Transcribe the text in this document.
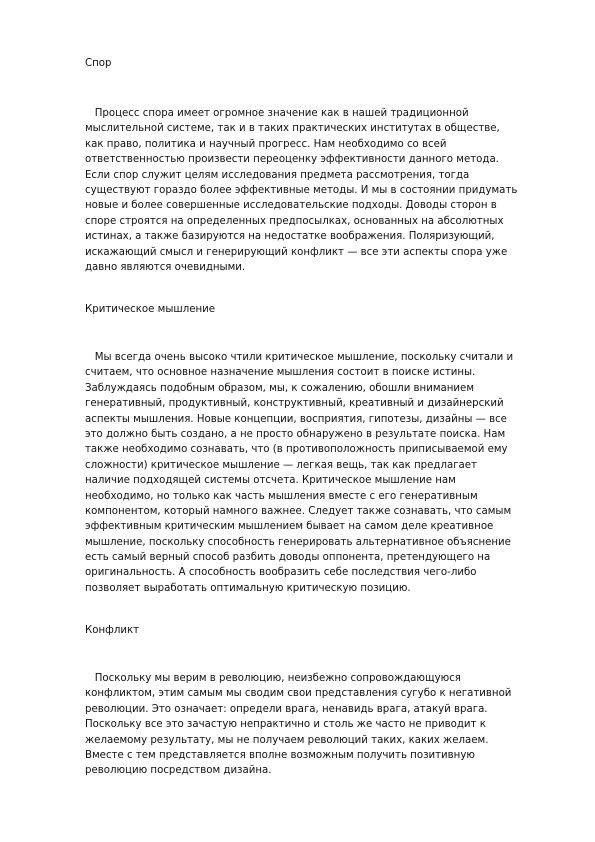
Спор
Процесс спора имеет огромное значение как в нашей традиционной
мыслительной системе, так и в таких практических институтах в обществе,
как право, политика и научный прогресс. Нам необходимо со всей
ответственностью произвести переоценку эффективности данного метода.
Если спор служит целям исследования предмета рассмотрения, тогда
существуют гораздо более эффективные методы. И мы в состоянии придумать
новые и более совершенные исследовательские подходы. Доводы сторон в
споре строятся на определенных предпосылках, основанных на абсолютных
истинах, а также базируются на недостатке воображения. Поляризующий,
искажающий смысл и генерирующий конфликт — все эти аспекты спора уже
давно являются очевидными.
Критическое мышление
Мы всегда очень высоко чтили критическое мышление, поскольку считали и
считаем, что основное назначение мышления состоит в поиске истины.
Заблуждаясь подобным образом, мы, к сожалению, обошли вниманием
генеративный, продуктивный, конструктивный, креативный и дизайнерский
аспекты мышления. Новые концепции, восприятия, гипотезы, дизайны — все
это должно быть создано, а не просто обнаружено в результате поиска. Нам
также необходимо сознавать, что (в противоположность приписываемой ему
сложности) критическое мышление — легкая вещь, так как предлагает
наличие подходящей системы отсчета. Критическое мышление нам
необходимо, но только как часть мышления вместе с его генеративным
компонентом, который намного важнее. Следует также сознавать, что самым
эффективным критическим мышлением бывает на самом деле креативное
мышление, поскольку способность генерировать альтернативное объяснение
есть самый верный способ разбить доводы оппонента, претендующего на
оригинальность. А способность вообразить себе последствия чего-либо
позволяет выработать оптимальную критическую позицию.
Конфликт
Поскольку мы верим в революцию, неизбежно сопровождающуюся
конфликтом, этим самым мы сводим свои представления сугубо к негативной
революции. Это означает: определи врага, ненавидь врага, атакуй врага.
Поскольку все это зачастую непрактично и столь же часто не приводит к
желаемому результату, мы не получаем революций таких, каких желаем.
Вместе с тем представляется вполне возможным получить позитивную
революцию посредством дизайна.
